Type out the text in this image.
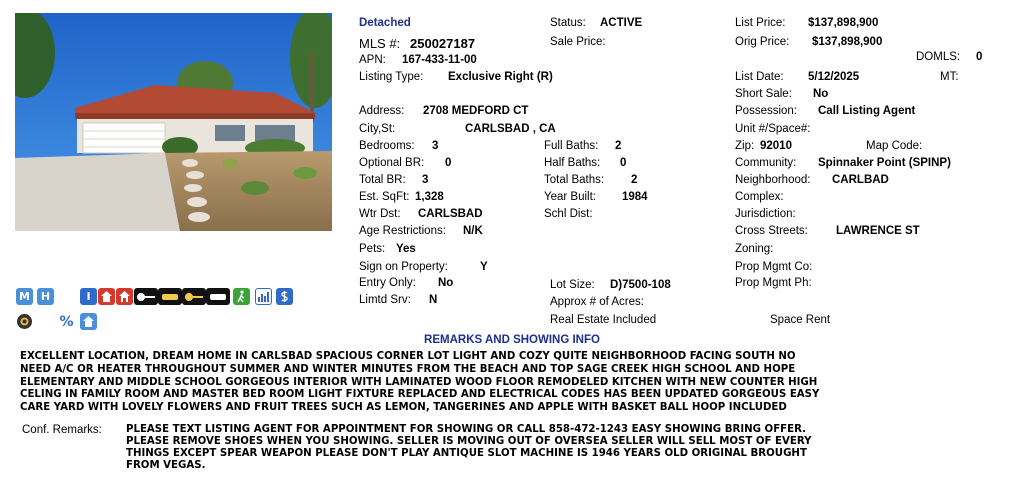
Detached
MLS #: 250027187
APN: 167-433-11-00
Listing Type: Exclusive Right (R)
Address: 2708 MEDFORD CT
City,St:	CARLSBAD , CA
Bedrooms: 3
Optional BR: 0
Total BR: 3
Est. SqFt: 1,328
Wtr Dst: CARLSBAD
Age Restrictions: N/K
Pets: Yes
Sign on Property:	Y
Entry Only: No
Limtd Srv: N
Status: ACTIVE
Sale Price:
Full Baths: 2
Half Baths: 0
Total Baths: 2
Year Built: 1984
Schl Dist:
Lot Size: D)7500-108
Approx # of Acres:
Real Estate Included
List Price: $137,898,900
Orig Price: $137,898,900
DOMLS: 0
List Date: 5/12/2025	MT:
Short Sale: No
Possession: Call Listing Agent
Unit #/Space#:
Zip: 92010	Map Code:
Community: Spinnaker Point (SPINP)
Neighborhood: CARLBAD
Complex:
Jurisdiction:
Cross Streets: LAWRENCE ST
Zoning:
Prop Mgmt Co:
Prop Mgmt Ph:
Space Rent
M H	I
%
REMARKS AND SHOWING INFO
EXCELLENT LOCATION, DREAM HOME IN CARLSBAD SPACIOUS CORNER LOT LIGHT AND COZY QUITE NEIGHBORHOOD FACING SOUTH NO
NEED A/C OR HEATER THROUGHOUT SUMMER AND WINTER MINUTES FROM THE BEACH AND TOP SAGE CREEK HIGH SCHOOL AND HOPE
ELEMENTARY AND MIDDLE SCHOOL GORGEOUS INTERIOR WITH LAMINATED WOOD FLOOR REMODELED KITCHEN WITH NEW COUNTER HIGH
CELING IN FAMILY ROOM AND MASTER BED ROOM LIGHT FIXTURE REPLACED AND ELECTRICAL CODES HAS BEEN UPDATED GORGEOUS EASY
CARE YARD WITH LOVELY FLOWERS AND FRUIT TREES SUCH AS LEMON, TANGERINES AND APPLE WITH BASKET BALL HOOP INCLUDED
Conf. Remarks: PLEASE TEXT LISTING AGENT FOR APPOINTMENT FOR SHOWING OR CALL 858-472-1243 EASY SHOWING BRING OFFER.
PLEASE REMOVE SHOES WHEN YOU SHOWING. SELLER IS MOVING OUT OF OVERSEA SELLER WILL SELL MOST OF EVERY
THINGS EXCEPT SPEAR WEAPON PLEASE DON'T PLAY ANTIQUE SLOT MACHINE IS 1946 YEARS OLD ORIGINAL BROUGHT
FROM VEGAS.
